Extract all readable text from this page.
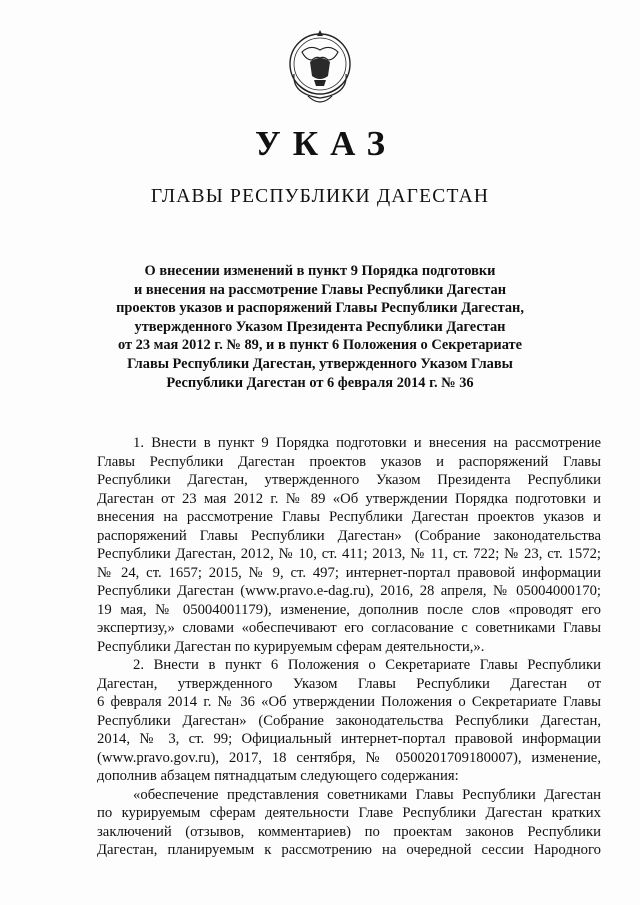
УКАЗ
ГЛАВЫ РЕСПУБЛИКИ ДАГЕСТАН
О внесении изменений в пункт 9 Порядка подготовки
и внесения на рассмотрение Главы Республики Дагестан
проектов указов и распоряжений Главы Республики Дагестан,
утвержденного Указом Президента Республики Дагестан
от 23 мая 2012 г. № 89, и в пункт 6 Положения о Секретариате
Главы Республики Дагестан, утвержденного Указом Главы
Республики Дагестан от 6 февраля 2014 г. № 36
1. Внести в пункт 9 Порядка подготовки и внесения на рассмотрение
Главы Республики Дагестан проектов указов и распоряжений Главы
Республики Дагестан, утвержденного Указом Президента Республики
Дагестан от 23 мая 2012 г. № 89 «Об утверждении Порядка подготовки и
внесения на рассмотрение Главы Республики Дагестан проектов указов и
распоряжений Главы Республики Дагестан» (Собрание законодательства
Республики Дагестан, 2012, № 10, ст. 411; 2013, № 11, ст. 722; № 23, ст. 1572;
№ 24, ст. 1657; 2015, № 9, ст. 497; интернет-портал правовой информации
Республики Дагестан (www.pravo.e-dag.ru), 2016, 28 апреля, № 05004000170;
19 мая, № 05004001179), изменение, дополнив после слов «проводят его
экспертизу,» словами «обеспечивают его согласование с советниками Главы
Республики Дагестан по курируемым сферам деятельности,».
2. Внести в пункт 6 Положения о Секретариате Главы Республики
Дагестан, утвержденного Указом Главы Республики Дагестан от
6 февраля 2014 г. № 36 «Об утверждении Положения о Секретариате Главы
Республики Дагестан» (Собрание законодательства Республики Дагестан,
2014, № 3, ст. 99; Официальный интернет-портал правовой информации
(www.pravo.gov.ru), 2017, 18 сентября, № 0500201709180007), изменение,
дополнив абзацем пятнадцатым следующего содержания:
«обеспечение представления советниками Главы Республики Дагестан
по курируемым сферам деятельности Главе Республики Дагестан кратких
заключений (отзывов, комментариев) по проектам законов Республики
Дагестан, планируемым к рассмотрению на очередной сессии Народного
